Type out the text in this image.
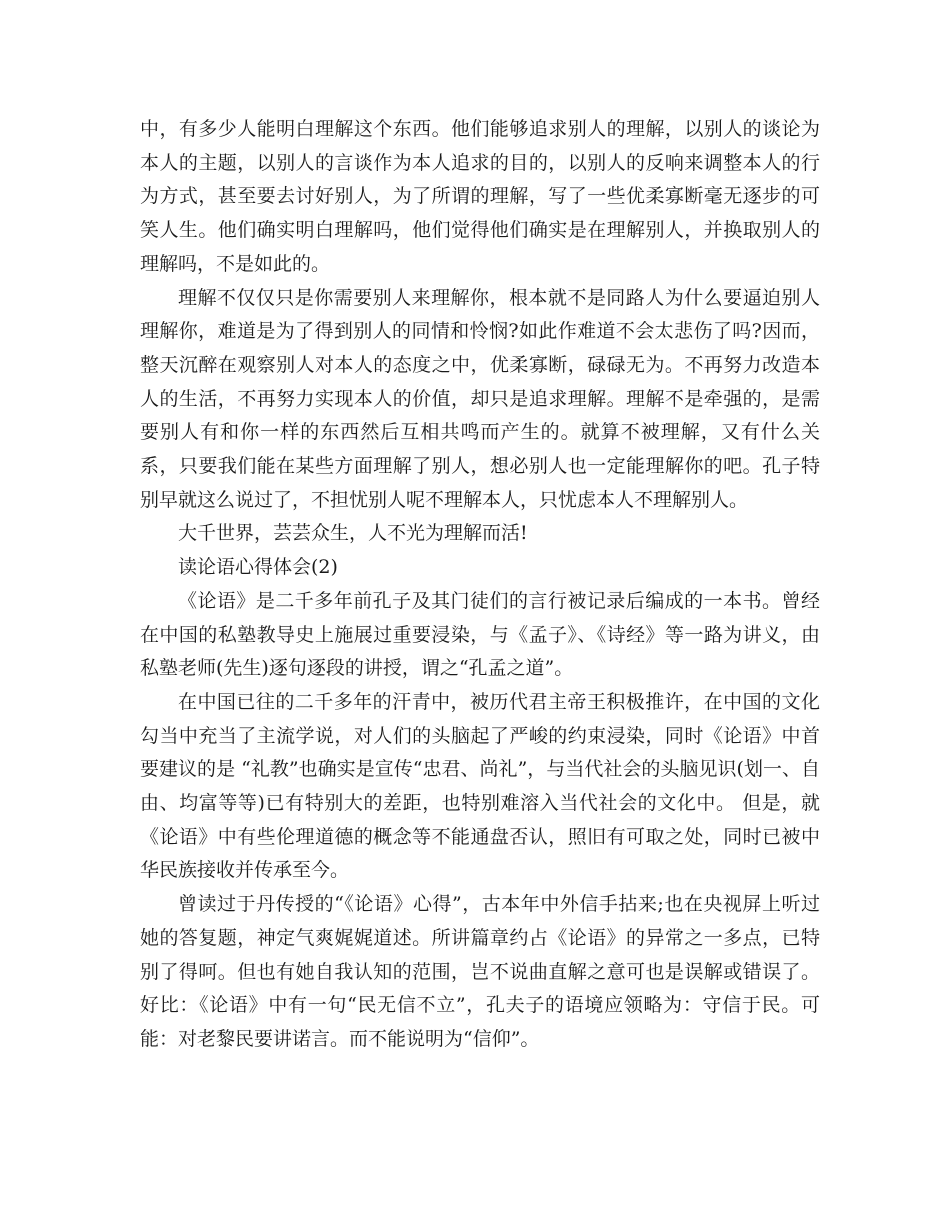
中，有多少人能明白理解这个东西。他们能够追求别人的理解，以别人的谈论为本人的主题，以别人的言谈作为本人追求的目的，以别人的反响来调整本人的行为方式，甚至要去讨好别人，为了所谓的理解，写了一些优柔寡断毫无逐步的可笑人生。他们确实明白理解吗，他们觉得他们确实是在理解别人，并换取别人的理解吗，不是如此的。

理解不仅仅只是你需要别人来理解你，根本就不是同路人为什么要逼迫别人理解你，难道是为了得到别人的同情和怜悯?如此作难道不会太悲伤了吗?因而，整天沉醉在观察别人对本人的态度之中，优柔寡断，碌碌无为。不再努力改造本人的生活，不再努力实现本人的价值，却只是追求理解。理解不是牵强的，是需要别人有和你一样的东西然后互相共鸣而产生的。就算不被理解，又有什么关系，只要我们能在某些方面理解了别人，想必别人也一定能理解你的吧。孔子特别早就这么说过了，不担忧别人呢不理解本人，只忧虑本人不理解别人。

大千世界，芸芸众生，人不光为理解而活!

读论语心得体会(2)

《论语》是二千多年前孔子及其门徒们的言行被记录后编成的一本书。曾经在中国的私塾教导史上施展过重要浸染，与《孟子》、《诗经》等一路为讲义，由私塾老师(先生)逐句逐段的讲授，谓之“孔孟之道”。

在中国已往的二千多年的汗青中，被历代君主帝王积极推许，在中国的文化勾当中充当了主流学说，对人们的头脑起了严峻的约束浸染，同时《论语》中首要建议的是 “礼教”也确实是宣传“忠君、尚礼”，与当代社会的头脑见识(划一、自由、均富等等)已有特别大的差距，也特别难溶入当代社会的文化中。 但是，就《论语》中有些伦理道德的概念等不能通盘否认，照旧有可取之处，同时已被中华民族接收并传承至今。

曾读过于丹传授的“《论语》心得”，古本年中外信手拈来;也在央视屏上听过她的答复题，神定气爽娓娓道述。所讲篇章约占《论语》的异常之一多点，已特别了得呵。但也有她自我认知的范围，岂不说曲直解之意可也是误解或错误了。好比：《论语》中有一句“民无信不立”，孔夫子的语境应领略为：守信于民。可能：对老黎民要讲诺言。而不能说明为“信仰”。
